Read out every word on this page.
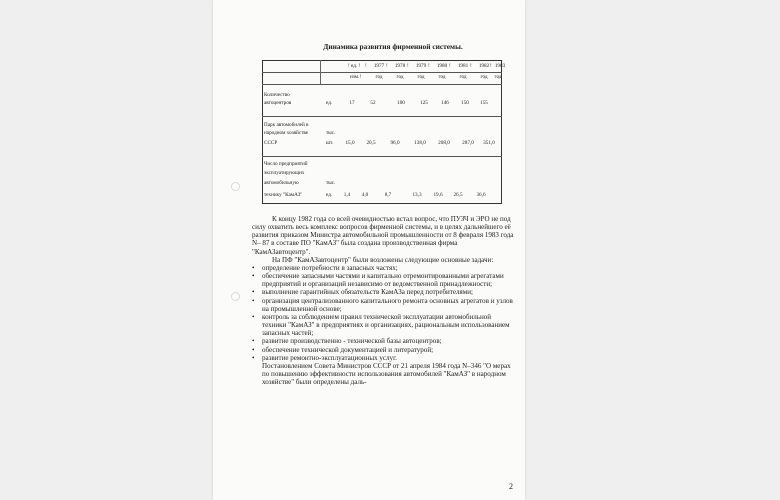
Динамика развития фирменной системы.
! ед. !
изм.!
1977	1978	1979	1980	1981	1982	1983
!	!	!	!	!	!	!
год	год	год	год	год	год	год
Количество
автоцентров	ед.	17	52	100	125	146	150	155
Парк автомобилей в
народном хозяйстве	тыс.
СССР	шт.	15,0	20,5	96,0	138,0	208,0	287,0	351,0
Число предприятий
эксплуатирующих
автомобильную	тыс.
технику "КамАЗ"	ед.	1,4	4,0	8,7	13,3	19,6	26,5	36,6

К концу 1982 года со всей очевидностью встал вопрос, что ПУЗЧ и ЭРО не под силу охватить весь комплекс вопросов фирменной системы, и в целях дальнейшего её развития приказом Министра автомобильной промышленности от 8 февраля 1983 года N– 87 в составе ПО "КамАЗ" была создана производственная фирма "КамАЗавтоцентр".

На ПФ "КамАЗавтоцентр" были возложены следующие основные задачи:

• определение потребности в запасных частях;
• обеспечение запасными частями и капитально отремонтированными агрегатами предприятий и организаций независимо от ведомственной принадлежности;
• выполнение гарантийных обязательств КамАЗа перед потребителями;
• организация централизованного капитального ремонта основных агрегатов и узлов на промышленной основе;
• контроль за соблюдением правил технической эксплуатации автомобильной техники "КамАЗ" в предприятиях и организациях, рациональным использованием запасных частей;
• развитие производственно - технической базы автоцентров;
• обеспечение технической документацией и литературой;
• развитие ремонтно-эксплуатационных услуг.

Постановлением Совета Министров СССР от 21 апреля 1984 года N–346 "О мерах по повышению эффективности использования автомобилей "КамАЗ" в народном хозяйстве" были определены даль-

2
